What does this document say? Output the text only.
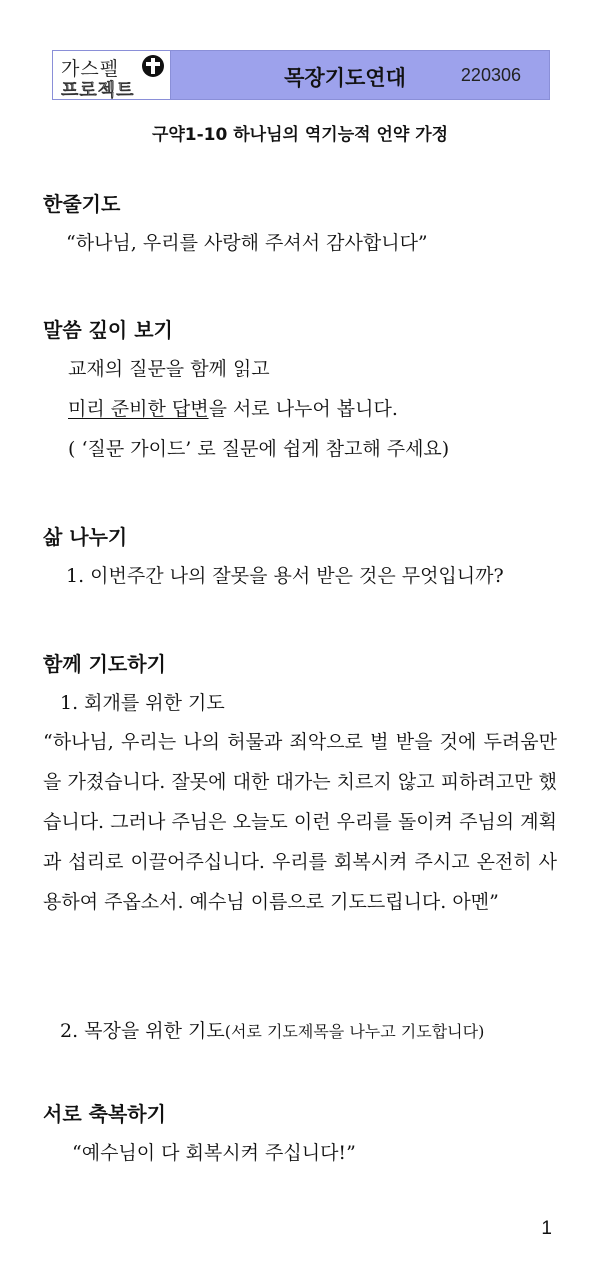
가스펠
프로젝트
목장기도연대	220306
구약1-10 하나님의 역기능적 언약 가정
한줄기도
“하나님, 우리를 사랑해 주셔서 감사합니다”
말씀 깊이 보기
교재의 질문을 함께 읽고
미리 준비한 답변을 서로 나누어 봅니다.
( ‘질문 가이드’ 로 질문에 쉽게 참고해 주세요)
삶 나누기
1. 이번주간 나의 잘못을 용서 받은 것은 무엇입니까?
함께 기도하기
1. 회개를 위한 기도
“하나님, 우리는 나의 허물과 죄악으로 벌 받을 것에 두려움만을 가졌습니다. 잘못에 대한 대가는 치르지 않고 피하려고만 했습니다. 그러나 주님은 오늘도 이런 우리를 돌이켜 주님의 계획과 섭리로 이끌어주십니다. 우리를 회복시켜 주시고 온전히 사용하여 주옵소서. 예수님 이름으로 기도드립니다. 아멘”
2. 목장을 위한 기도(서로 기도제목을 나누고 기도합니다)
서로 축복하기
“예수님이 다 회복시켜 주십니다!”
1
